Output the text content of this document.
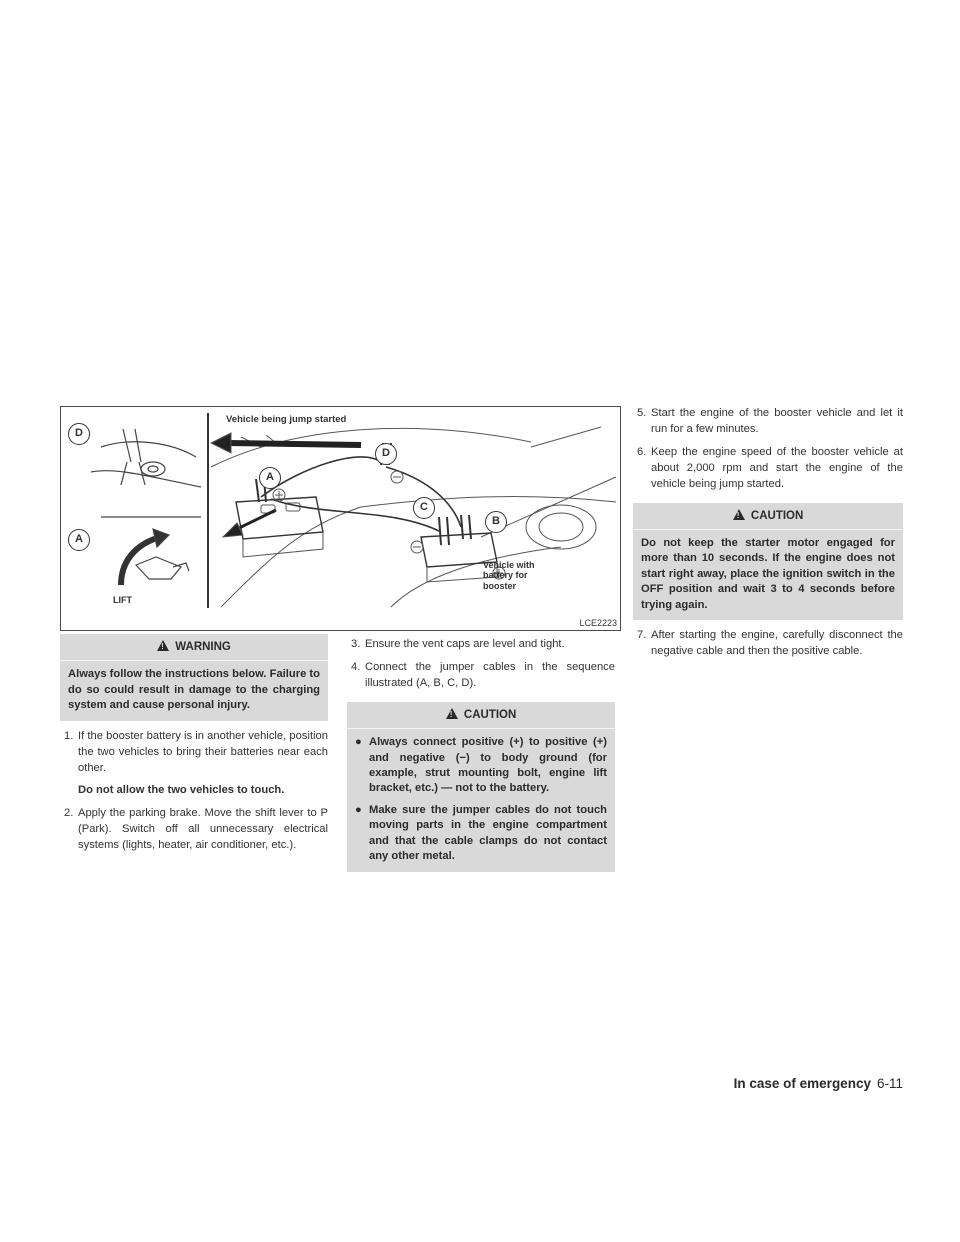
D
A
LIFT
Vehicle being jump started
A
D
C
B
Vehicle with battery for booster
LCE2223
! WARNING
Always follow the instructions below. Failure to do so could result in damage to the charging system and cause personal injury.
1. If the booster battery is in another vehicle, position the two vehicles to bring their batteries near each other.
Do not allow the two vehicles to touch.
2. Apply the parking brake. Move the shift lever to P (Park). Switch off all unnecessary electrical systems (lights, heater, air conditioner, etc.).
3. Ensure the vent caps are level and tight.
4. Connect the jumper cables in the sequence illustrated (A, B, C, D).
! CAUTION
● Always connect positive (+) to positive (+) and negative (−) to body ground (for example, strut mounting bolt, engine lift bracket, etc.) — not to the battery.
● Make sure the jumper cables do not touch moving parts in the engine compartment and that the cable clamps do not contact any other metal.
5. Start the engine of the booster vehicle and let it run for a few minutes.
6. Keep the engine speed of the booster vehicle at about 2,000 rpm and start the engine of the vehicle being jump started.
! CAUTION
Do not keep the starter motor engaged for more than 10 seconds. If the engine does not start right away, place the ignition switch in the OFF position and wait 3 to 4 seconds before trying again.
7. After starting the engine, carefully disconnect the negative cable and then the positive cable.
In case of emergency 6-11
